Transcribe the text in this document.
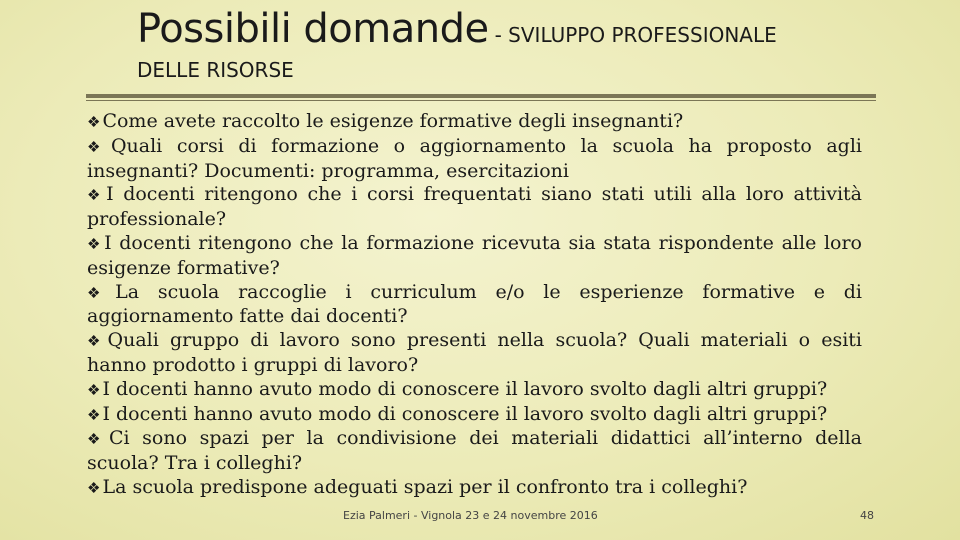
Possibili domande - SVILUPPO PROFESSIONALE
DELLE RISORSE

❖ Come avete raccolto le esigenze formative degli insegnanti?

❖ Quali corsi di formazione o aggiornamento la scuola ha proposto agli insegnanti? Documenti: programma, esercitazioni

❖ I docenti ritengono che i corsi frequentati siano stati utili alla loro attività professionale?

❖ I docenti ritengono che la formazione ricevuta sia stata rispondente alle loro esigenze formative?

❖ La scuola raccoglie i curriculum e/o le esperienze formative e di aggiornamento fatte dai docenti?

❖ Quali gruppo di lavoro sono presenti nella scuola? Quali materiali o esiti hanno prodotto i gruppi di lavoro?

❖ I docenti hanno avuto modo di conoscere il lavoro svolto dagli altri gruppi?

❖ I docenti hanno avuto modo di conoscere il lavoro svolto dagli altri gruppi?

❖ Ci sono spazi per la condivisione dei materiali didattici all’interno della scuola? Tra i colleghi?

❖ La scuola predispone adeguati spazi per il confronto tra i colleghi?

Ezia Palmeri - Vignola 23 e 24 novembre 2016	48
